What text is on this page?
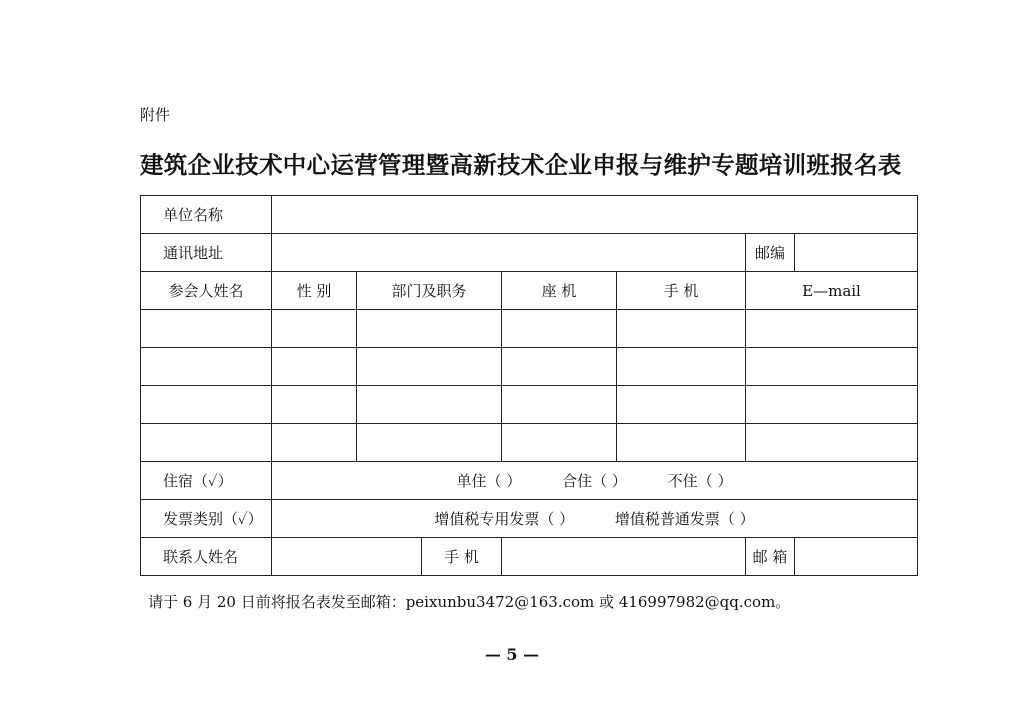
附件
建筑企业技术中心运营管理暨高新技术企业申报与维护专题培训班报名表
单位名称							

通讯地址						邮编	

参会人姓名	性 别	部门及职务		座 机	手 机	E—mail	

住宿（✓）	单住（ ） 合住（ ） 不住（ ）						
发票类别（✓）	增值税专用发票（ ） 增值税普通发票（ ）						
联系人姓名			手 机			邮 箱	
请于 6 月 20 日前将报名表发至邮箱：peixunbu3472@163.com 或 416997982@qq.com。
— 5 —
